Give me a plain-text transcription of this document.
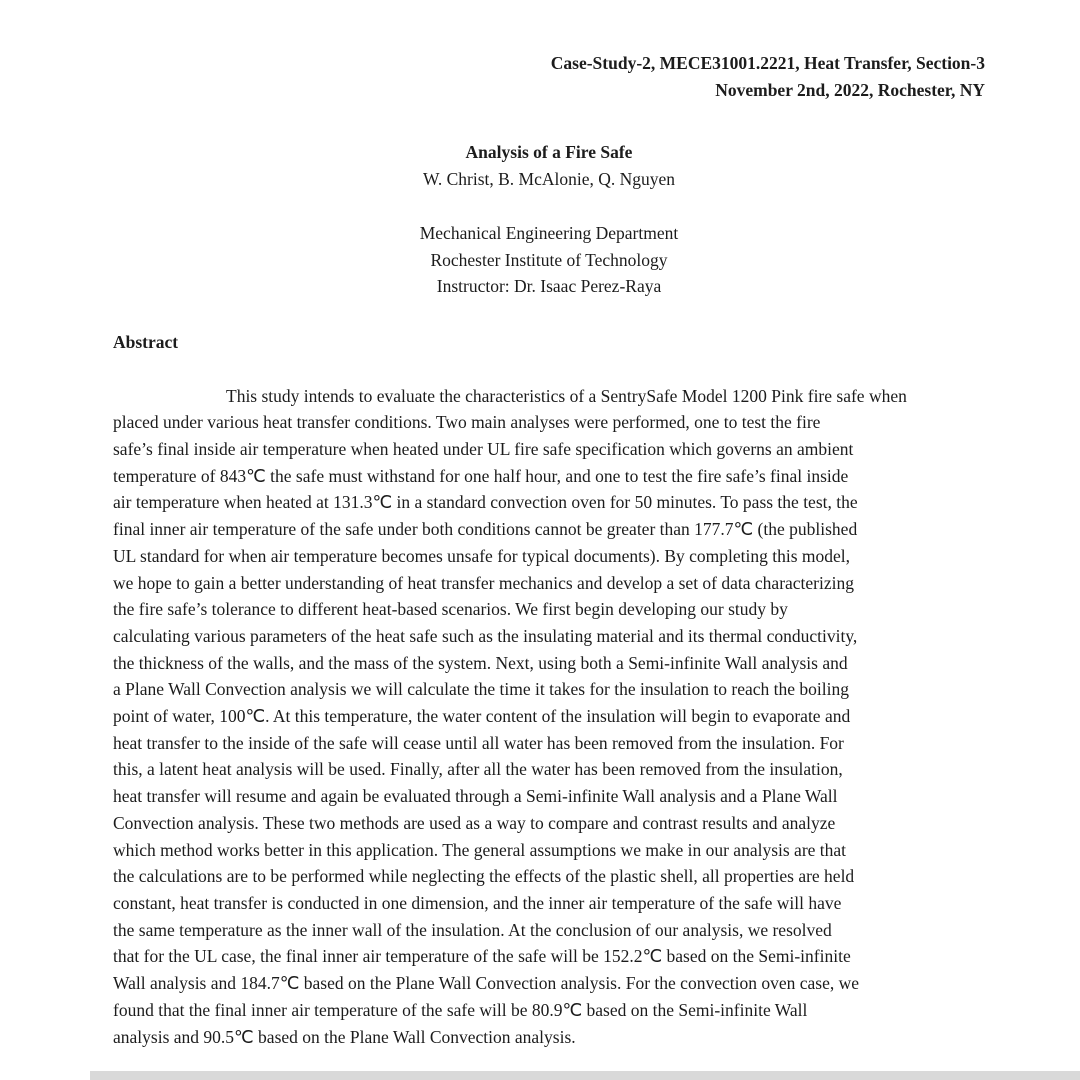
Case-Study-2, MECE31001.2221, Heat Transfer, Section-3
November 2nd, 2022, Rochester, NY
Analysis of a Fire Safe
W. Christ, B. McAlonie, Q. Nguyen
Mechanical Engineering Department
Rochester Institute of Technology
Instructor: Dr. Isaac Perez-Raya
Abstract
This study intends to evaluate the characteristics of a SentrySafe Model 1200 Pink fire safe when
placed under various heat transfer conditions. Two main analyses were performed, one to test the fire
safe’s final inside air temperature when heated under UL fire safe specification which governs an ambient
temperature of 843℃ the safe must withstand for one half hour, and one to test the fire safe’s final inside
air temperature when heated at 131.3℃ in a standard convection oven for 50 minutes. To pass the test, the
final inner air temperature of the safe under both conditions cannot be greater than 177.7℃ (the published
UL standard for when air temperature becomes unsafe for typical documents). By completing this model,
we hope to gain a better understanding of heat transfer mechanics and develop a set of data characterizing
the fire safe’s tolerance to different heat-based scenarios. We first begin developing our study by
calculating various parameters of the heat safe such as the insulating material and its thermal conductivity,
the thickness of the walls, and the mass of the system. Next, using both a Semi-infinite Wall analysis and
a Plane Wall Convection analysis we will calculate the time it takes for the insulation to reach the boiling
point of water, 100℃. At this temperature, the water content of the insulation will begin to evaporate and
heat transfer to the inside of the safe will cease until all water has been removed from the insulation. For
this, a latent heat analysis will be used. Finally, after all the water has been removed from the insulation,
heat transfer will resume and again be evaluated through a Semi-infinite Wall analysis and a Plane Wall
Convection analysis. These two methods are used as a way to compare and contrast results and analyze
which method works better in this application. The general assumptions we make in our analysis are that
the calculations are to be performed while neglecting the effects of the plastic shell, all properties are held
constant, heat transfer is conducted in one dimension, and the inner air temperature of the safe will have
the same temperature as the inner wall of the insulation. At the conclusion of our analysis, we resolved
that for the UL case, the final inner air temperature of the safe will be 152.2℃ based on the Semi-infinite
Wall analysis and 184.7℃ based on the Plane Wall Convection analysis. For the convection oven case, we
found that the final inner air temperature of the safe will be 80.9℃ based on the Semi-infinite Wall
analysis and 90.5℃ based on the Plane Wall Convection analysis.
